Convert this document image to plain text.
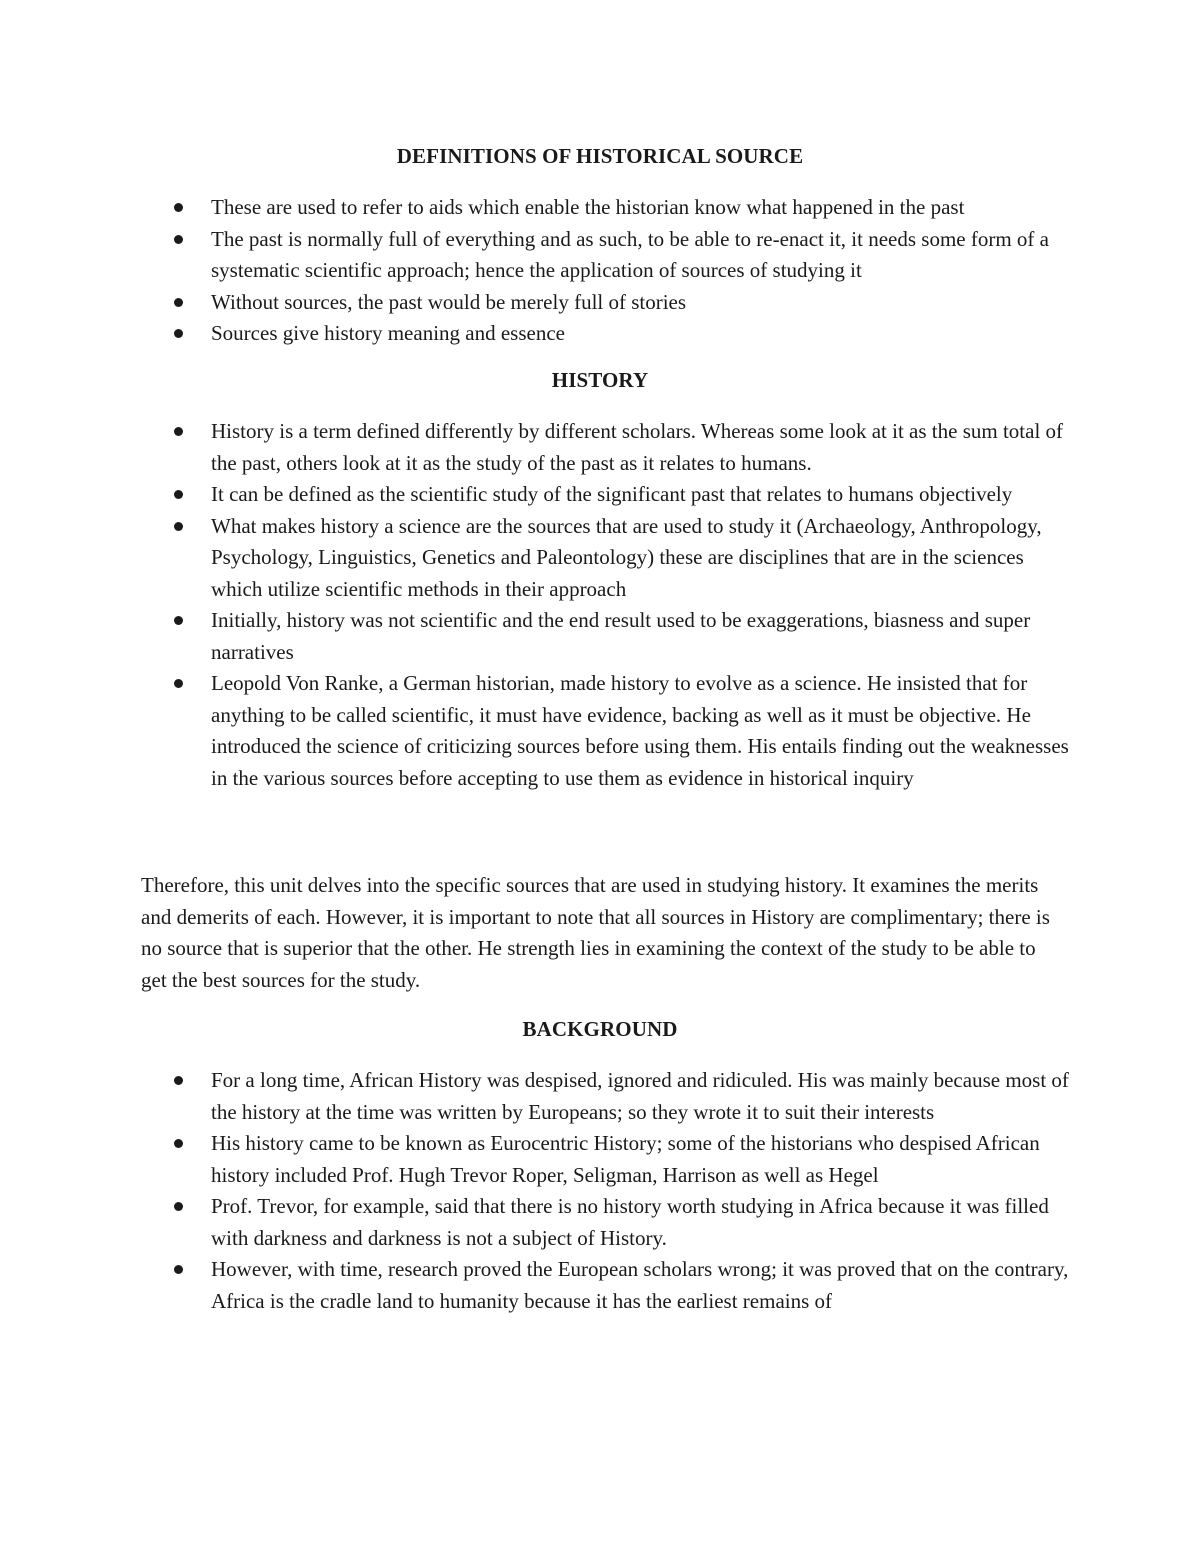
DEFINITIONS OF HISTORICAL SOURCE
These are used to refer to aids which enable the historian know what happened in the past
The past is normally full of everything and as such, to be able to re-enact it, it needs some form of a systematic scientific approach; hence the application of sources of studying it
Without sources, the past would be merely full of stories
Sources give history meaning and essence
HISTORY
History is a term defined differently by different scholars. Whereas some look at it as the sum total of the past, others look at it as the study of the past as it relates to humans.
It can be defined as the scientific study of the significant past that relates to humans objectively
What makes history a science are the sources that are used to study it (Archaeology, Anthropology, Psychology, Linguistics, Genetics and Paleontology) these are disciplines that are in the sciences which utilize scientific methods in their approach
Initially, history was not scientific and the end result used to be exaggerations, biasness and super narratives
Leopold Von Ranke, a German historian, made history to evolve as a science. He insisted that for anything to be called scientific, it must have evidence, backing as well as it must be objective. He introduced the science of criticizing sources before using them. His entails finding out the weaknesses in the various sources before accepting to use them as evidence in historical inquiry

Therefore, this unit delves into the specific sources that are used in studying history. It examines the merits and demerits of each. However, it is important to note that all sources in History are complimentary; there is no source that is superior that the other. He strength lies in examining the context of the study to be able to get the best sources for the study.

BACKGROUND
For a long time, African History was despised, ignored and ridiculed. His was mainly because most of the history at the time was written by Europeans; so they wrote it to suit their interests
His history came to be known as Eurocentric History; some of the historians who despised African history included Prof. Hugh Trevor Roper, Seligman, Harrison as well as Hegel
Prof. Trevor, for example, said that there is no history worth studying in Africa because it was filled with darkness and darkness is not a subject of History.
However, with time, research proved the European scholars wrong; it was proved that on the contrary, Africa is the cradle land to humanity because it has the earliest remains of
